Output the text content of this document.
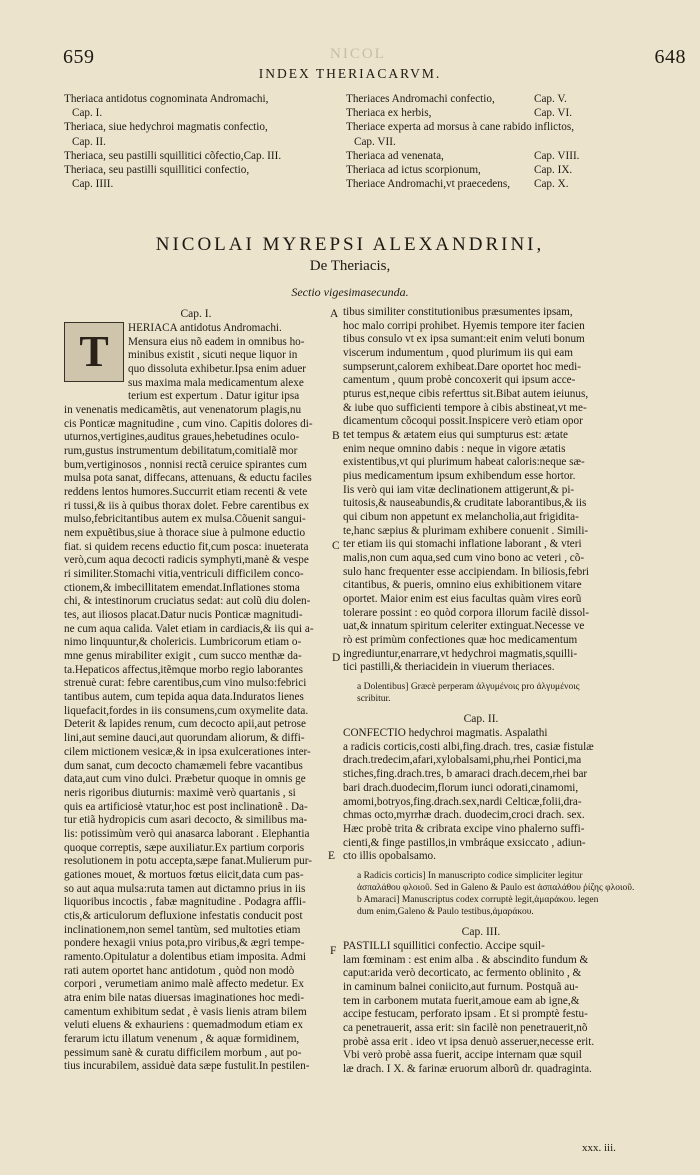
659	NICOL	648
INDEX THERIACARVM.
Theriaca antidotus cognominata Andromachi,
Cap. I.
Theriaca, siue hedychroi magmatis confectio,
Cap. II.
Theriaca, seu pastilli squillitici cõfectio,Cap. III.
Theriaca, seu pastilli squillitici confectio,
Cap. IIII.
Theriaces Andromachi confectio,	Cap. V.
Theriaca ex herbis,	Cap. VI.
Theriace experta ad morsus à cane rabido inflictos,
Cap. VII.
Theriaca ad venenata,	Cap. VIII.
Theriaca ad ictus scorpionum,	Cap. IX.
Theriace Andromachi,vt praecedens, Cap. X.
NICOLAI MYREPSI ALEXANDRINI,
De Theriacis,
Sectio vigesimasecunda.
T
Cap. I.
HERIACA antidotus Andromachi.
Mensura eius nõ eadem in omnibus ho-
minibus existit , sicuti neque liquor in
quo dissoluta exhibetur.Ipsa enim aduer
sus maxima mala medicamentum alexe
terium est expertum . Datur igitur ipsa
in venenatis medicamẽtis, aut venenatorum plagis,nu
cis Ponticæ magnitudine , cum vino. Capitis dolores di-
uturnos,vertigines,auditus graues,hebetudines oculo-
rum,gustus instrumentum debilitatum,comitialẽ mor
bum,vertiginosos , nonnisi rectã ceruice spirantes cum
mulsa pota sanat, diffecans, attenuans, & eductu faciles
reddens lentos humores.Succurrit etiam recenti & vete
ri tussi,& iis à quibus thorax dolet. Febre carentibus ex
mulso,febricitantibus autem ex mulsa.Cõuenit sangui-
nem expuẽtibus,siue à thorace siue à pulmone eductio
fiat. si quidem recens eductio fit,cum posca: inueterata
verò,cum aqua decocti radicis symphyti,manè & vespe
ri similiter.Stomachi vitia,ventriculi difficilem conco-
ctionem,& imbecillitatem emendat.Inflationes stoma
chi, & intestinorum cruciatus sedat: aut colũ diu dolen-
tes, aut iliosos placat.Datur nucis Ponticæ magnitudi-
ne cum aqua calida. Valet etiam in cardiacis,& iis qui a-
nimo linquuntur,& cholericis. Lumbricorum etiam o-
mne genus mirabiliter exigit , cum succo menthæ da-
ta.Hepaticos affectus,itẽmque morbo regio laborantes
strenuè curat: febre carentibus,cum vino mulso:febrici
tantibus autem, cum tepida aqua data.Induratos lienes
liquefacit,fordes in iis consumens,cum oxymelite data.
Deterit & lapides renum, cum decocto apii,aut petrose
lini,aut semine dauci,aut quorundam aliorum, & diffi-
cilem mictionem vesicæ,& in ipsa exulcerationes inter-
dum sanat, cum decocto chamæmeli febre vacantibus
data,aut cum vino dulci. Præbetur quoque in omnis ge
neris rigoribus diuturnis: maximè verò quartanis , si
quis ea artificiosè vtatur,hoc est post inclinationẽ . Da-
tur etiã hydropicis cum asari decocto, & similibus ma-
lis: potissimùm verò qui anasarca laborant . Elephantia
quoque correptis, sæpe auxiliatur.Ex partium corporis
resolutionem in potu accepta,sæpe fanat.Mulierum pur-
gationes mouet, & mortuos fœtus eiicit,data cum pas-
so aut aqua mulsa:ruta tamen aut dictamno prius in iis
liquoribus incoctis , fabæ magnitudine . Podagra affli-
ctis,& articulorum defluxione infestatis conducit post
inclinationem,non semel tantùm, sed multoties etiam
pondere hexagii vnius pota,pro viribus,& ægri tempe-
ramento.Opitulatur a dolentibus etiam imposita. Admi
rati autem oportet hanc antidotum , quòd non modò
corpori , verumetiam animo malè affecto medetur. Ex
atra enim bile natas diuersas imaginationes hoc medi-
camentum exhibitum sedat , è vasis lienis atram bilem
veluti eluens & exhauriens : quemadmodum etiam ex
ferarum ictu illatum venenum , & aquæ formidinem,
pessimum sanè & curatu difficilem morbum , aut po-
tius incurabilem, assiduè data sæpe fustulit.In pestilen-
tibus similiter constitutionibus præsumentes ipsam,
hoc malo corripi prohibet. Hyemis tempore iter facien
tibus consulo vt ex ipsa sumant:eit enim veluti bonum
viscerum indumentum , quod plurimum iis qui eam
sumpserunt,calorem exhibeat.Dare oportet hoc medi-
camentum , quum probè concoxerit qui ipsum acce-
pturus est,neque cibis referttus sit.Bibat autem ieiunus,
& iube quo sufficienti tempore à cibis abstineat,vt me-
dicamentum cõcoqui possit.Inspicere verò etiam opor
tet tempus & ætatem eius qui sumpturus est: ætate
enim neque omnino dabis : neque in vigore ætatis
existentibus,vt qui plurimum habeat caloris:neque sæ-
pius medicamentum ipsum exhibendum esse hortor.
Iis verò qui iam vitæ declinationem attigerunt,& pi-
tuitosis,& nauseabundis,& cruditate laborantibus,& iis
qui cibum non appetunt ex melancholia,aut frigidita-
te,hanc sæpius & plurimam exhibere conuenit . Simili-
ter etiam iis qui stomachi inflatione laborant , & vteri
malis,non cum aqua,sed cum vino bono ac veteri , cõ-
sulo hanc frequenter esse accipiendam. In biliosis,febri
citantibus, & pueris, omnino eius exhibitionem vitare
oportet. Maior enim est eius facultas quàm vires eorũ
tolerare possint : eo quòd corpora illorum facilè dissol-
uat,& innatum spiritum celeriter extinguat.Necesse ve
rò est primùm confectiones quæ hoc medicamentum
ingrediuntur,enarrare,vt hedychroi magmatis,squilli-
tici pastilli,& theriacidein in viuerum theriaces.
a Dolentibus] Græcè perperam ἀλγυμένοις pro ἀλγυμένοις
scribitur.
Cap. II.
CONFECTIO hedychroi magmatis. Aspalathi
a radicis corticis,costi albi,fing.drach. tres, casiæ fistulæ
drach.tredecim,afari,xylobalsami,phu,rhei Pontici,ma
stiches,fing.drach.tres, b amaraci drach.decem,rhei bar
bari drach.duodecim,florum iunci odorati,cinamomi,
amomi,botryos,fing.drach.sex,nardi Celticæ,folii,dra-
chmas octo,myrrhæ drach. duodecim,croci drach. sex.
Hæc probè trita & cribrata excipe vino phalerno suffi-
cienti,& finge pastillos,in vmbráque exsiccato , adiun-
cto illis opobalsamo.
a Radicis corticis] In manuscripto codice simpliciter legitur
ἀσπαλάθου φλοιοῦ. Sed in Galeno & Paulo est ἀσπαλάθου ῥίζης φλοιοῦ.
b Amaraci] Manuscriptus codex corruptè legit,ἀμαράκου. legen
dum enim,Galeno & Paulo testibus,ἀμαράκου.
Cap. III.
PASTILLI squillitici confectio. Accipe squil-
lam fœminam : est enim alba . & abscindito fundum &
caput:arida verò decorticato, ac fermento oblinito , &
in caminum balnei coniicito,aut furnum. Postquã au-
tem in carbonem mutata fuerit,amoue eam ab igne,&
accipe festucam, perforato ipsam . Et si promptè festu-
ca penetrauerit, assa erit: sin facilè non penetrauerit,nõ
probè assa erit . ideo vt ipsa denuò asseruer,necesse erit.
Vbi verò probè assa fuerit, accipe internam quæ squil
læ drach. I X. & farinæ eruorum alborũ dr. quadraginta.
A
B
C
D
E
F
xxx. iii.
